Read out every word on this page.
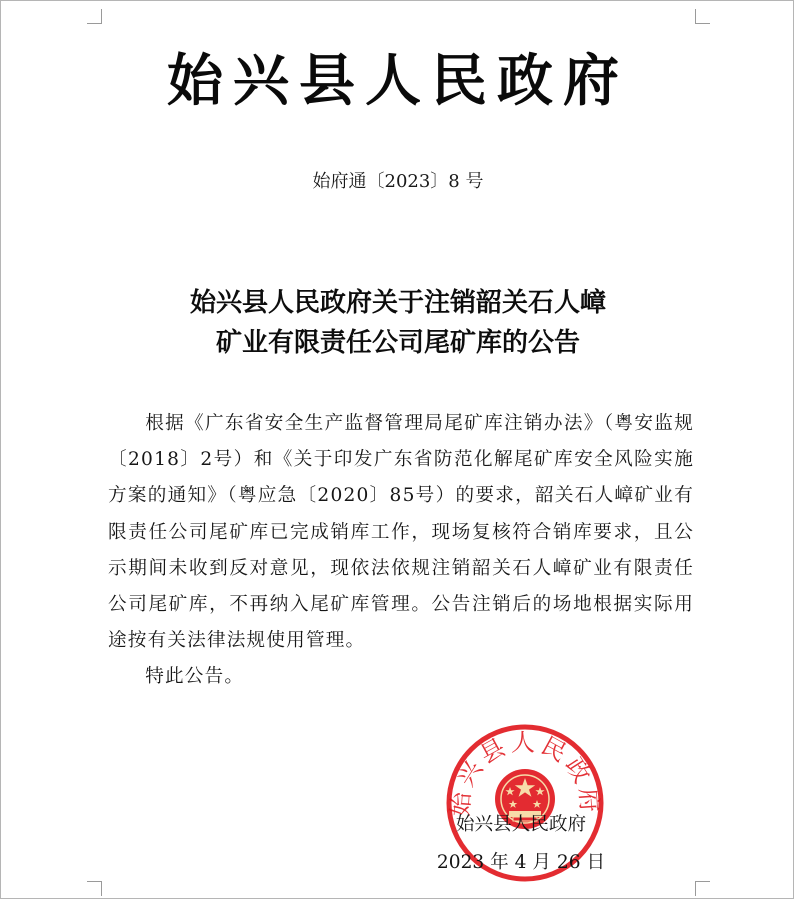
始兴县人民政府
始府通〔2023〕8 号
始兴县人民政府关于注销韶关石人嶂
矿业有限责任公司尾矿库的公告

根据《广东省安全生产监督管理局尾矿库注销办法》（粤安监规〔2018〕2号）和《关于印发广东省防范化解尾矿库安全风险实施方案的通知》（粤应急〔2020〕85号）的要求，韶关石人嶂矿业有限责任公司尾矿库已完成销库工作，现场复核符合销库要求，且公示期间未收到反对意见，现依法依规注销韶关石人嶂矿业有限责任公司尾矿库，不再纳入尾矿库管理。公告注销后的场地根据实际用途按有关法律法规使用管理。

特此公告。

始兴县人民政府
始兴县人民政府
2023 年 4 月 26 日
